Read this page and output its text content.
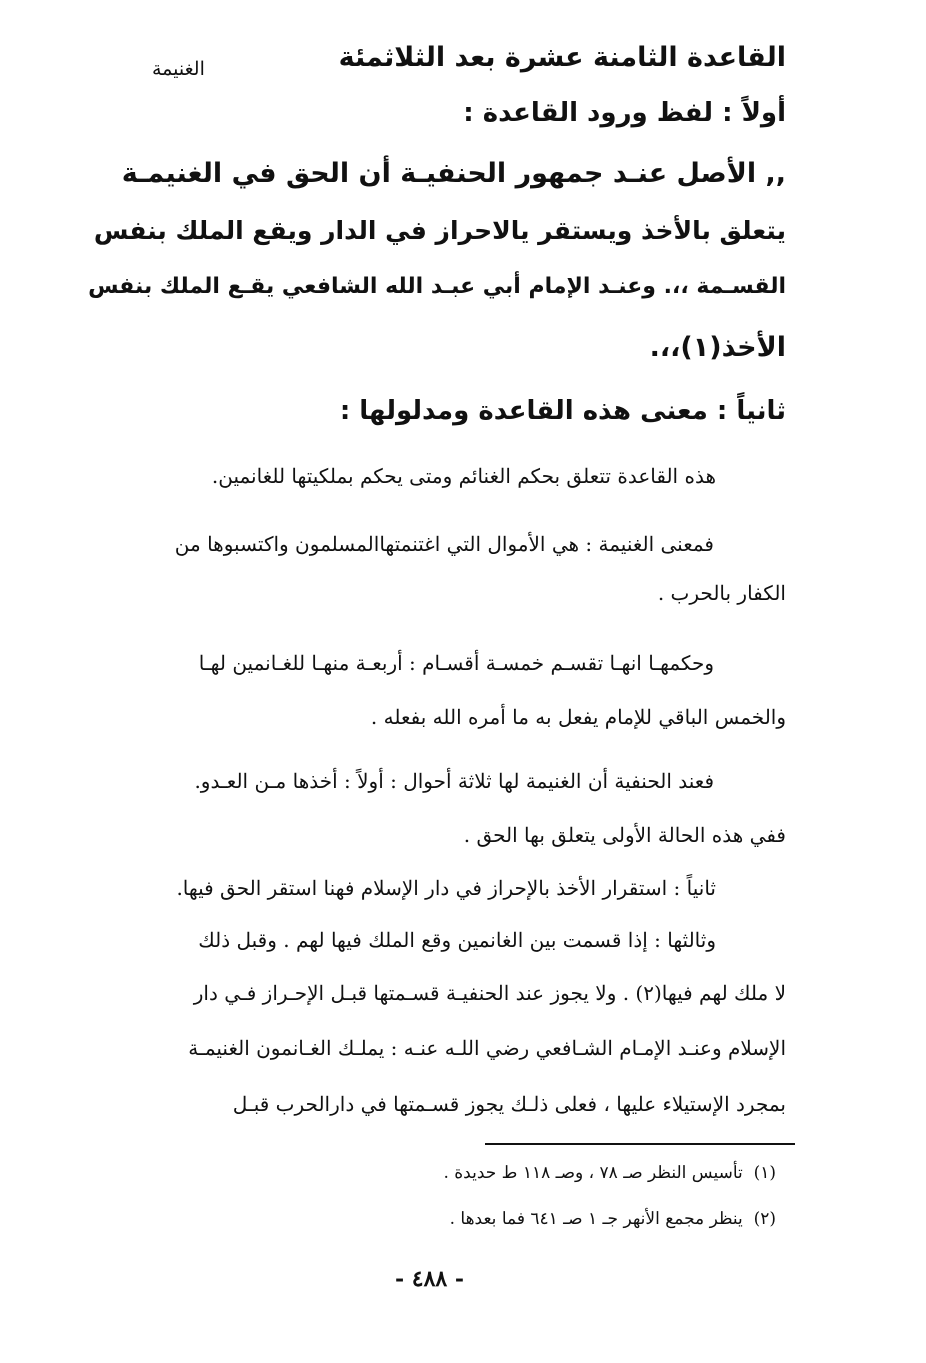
القاعدة الثامنة عشرة بعد الثلاثمئة
الغنيمة
أولاً : لفظ ورود القاعدة :
,, الأصل عنـد جمهور الحنفيـة أن الحق في الغنيمـة
يتعلق بالأخذ ويستقر يالاحراز في الدار ويقع الملك بنفس
القسـمة ،،. وعنـد الإمام أبي عبـد الله الشافعي يقـع الملك بنفس
الأخذ(١)،،.
ثانياً : معنى هذه القاعدة ومدلولها :
هذه القاعدة تتعلق بحكم الغنائم ومتى يحكم بملكيتها للغانمين.
فمعنى الغنيمة : هي الأموال التي اغتنمتهاالمسلمون واكتسبوها من
الكفار بالحرب .
وحكمهـا انهـا تقسـم خمسـة أقسـام : أربعـة منهـا للغـانمين لهـا
والخمس الباقي للإمام يفعل به ما أمره الله بفعله .
فعند الحنفية أن الغنيمة لها ثلاثة أحوال : أولاً : أخذها مـن العـدو.
ففي هذه الحالة الأولى يتعلق بها الحق .
ثانياً : استقرار الأخذ بالإحراز في دار الإسلام فهنا استقر الحق فيها.
وثالثها : إذا قسمت بين الغانمين وقع الملك فيها لهم . وقبل ذلك
لا ملك لهم فيها(٢) . ولا يجوز عند الحنفيـة قسـمتها قبـل الإحـراز فـي دار
الإسلام وعنـد الإمـام الشـافعي رضي اللـه عنـه : يملـك الغـانمون الغنيمـة
بمجرد الإستيلاء عليها ، فعلى ذلـك يجوز قسـمتها في دارالحرب قبـل
(١)  تأسيس النظر صـ ٧٨ ، وصـ ١١٨ ط حديدة .
(٢)  ينظر مجمع الأنهر جـ ١ صـ ٦٤١ فما بعدها .
- ٤٨٨ -
